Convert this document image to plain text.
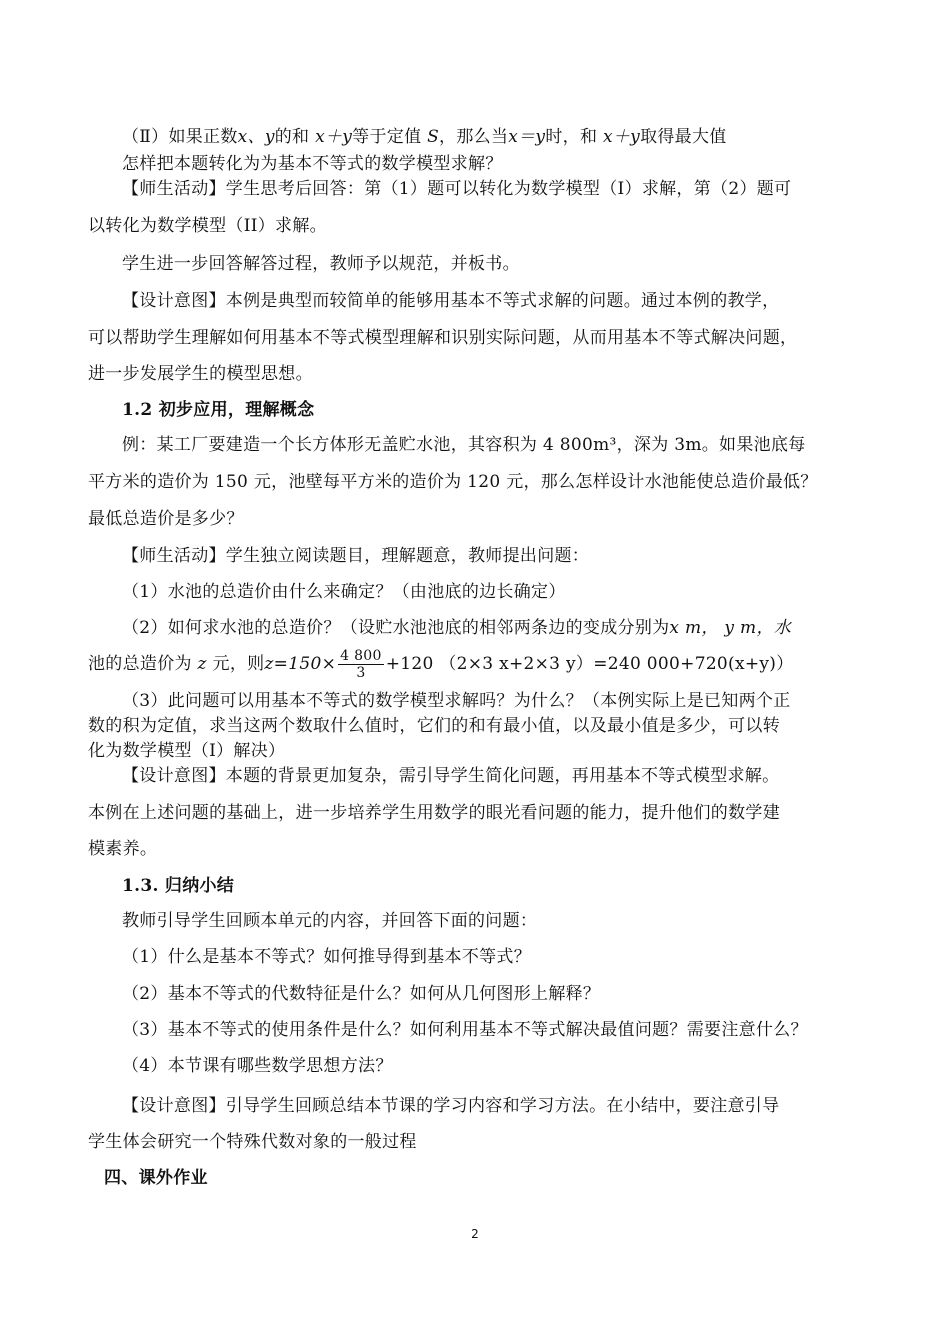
（Ⅱ）如果正数x、y的和 x＋y等于定值 S，那么当x＝y时，和 x＋y取得最大值
怎样把本题转化为为基本不等式的数学模型求解？
【师生活动】学生思考后回答：第（1）题可以转化为数学模型（Ⅰ）求解，第（2）题可
以转化为数学模型（II）求解。
学生进一步回答解答过程，教师予以规范，并板书。
【设计意图】本例是典型而较简单的能够用基本不等式求解的问题。通过本例的教学，
可以帮助学生理解如何用基本不等式模型理解和识别实际问题，从而用基本不等式解决问题，
进一步发展学生的模型思想。
1.2 初步应用，理解概念
例：某工厂要建造一个长方体形无盖贮水池，其容积为 4 800m³，深为 3m。如果池底每
平方米的造价为 150 元，池壁每平方米的造价为 120 元，那么怎样设计水池能使总造价最低？
最低总造价是多少？
【师生活动】学生独立阅读题目，理解题意，教师提出问题：
（1）水池的总造价由什么来确定？（由池底的边长确定）
（2）如何求水池的总造价？（设贮水池池底的相邻两条边的变成分别为x m， y m，水
池的总造价为 z 元，则$z=150\times \frac{4 800}{3} +120$ （2×3 x+2×3 y）=240 000+720(x+y)）
（3）此问题可以用基本不等式的数学模型求解吗？为什么？（本例实际上是已知两个正
数的积为定值，求当这两个数取什么值时，它们的和有最小值，以及最小值是多少，可以转
化为数学模型（Ⅰ）解决）
【设计意图】本题的背景更加复杂，需引导学生简化问题，再用基本不等式模型求解。
本例在上述问题的基础上，进一步培养学生用数学的眼光看问题的能力，提升他们的数学建
模素养。
1.3. 归纳小结
教师引导学生回顾本单元的内容，并回答下面的问题：
（1）什么是基本不等式？如何推导得到基本不等式？
（2）基本不等式的代数特征是什么？如何从几何图形上解释？
（3）基本不等式的使用条件是什么？如何利用基本不等式解决最值问题？需要注意什么？
（4）本节课有哪些数学思想方法？
【设计意图】引导学生回顾总结本节课的学习内容和学习方法。在小结中，要注意引导
学生体会研究一个特殊代数对象的一般过程
四、课外作业
2
